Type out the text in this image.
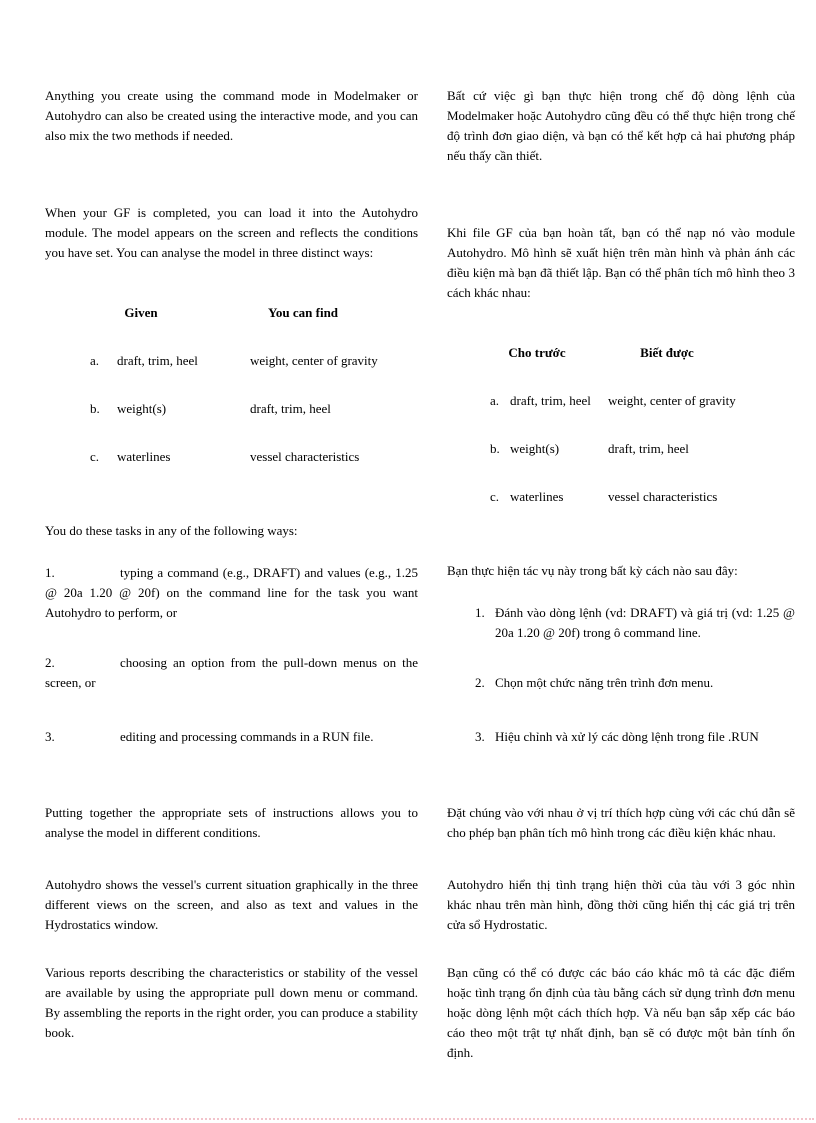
Anything you create using the command mode in Modelmaker or Autohydro can also be created using the interactive mode, and you can also mix the two methods if needed.

When your GF is completed, you can load it into the Autohydro module. The model appears on the screen and reflects the conditions you have set. You can analyse the model in three distinct ways:

Given	You can find
a.	draft, trim, heel	weight, center of gravity
b.	weight(s)	draft, trim, heel
c.	waterlines	vessel characteristics

You do these tasks in any of the following ways:

1.	typing a command (e.g., DRAFT) and values (e.g., 1.25 @ 20a 1.20 @ 20f) on the command line for the task you want Autohydro to perform, or
2.	choosing an option from the pull-down menus on the screen, or
3.	editing and processing commands in a RUN file.

Putting together the appropriate sets of instructions allows you to analyse the model in different conditions.

Autohydro shows the vessel's current situation graphically in the three different views on the screen, and also as text and values in the Hydrostatics window.

Various reports describing the characteristics or stability of the vessel are available by using the appropriate pull down menu or command. By assembling the reports in the right order, you can produce a stability book.

Bất cứ việc gì bạn thực hiện trong chế độ dòng lệnh của Modelmaker hoặc Autohydro cũng đều có thể thực hiện trong chế độ trình đơn giao diện, và bạn có thể kết hợp cả hai phương pháp nếu thấy cần thiết.

Khi file GF của bạn hoàn tất, bạn có thể nạp nó vào module Autohydro. Mô hình sẽ xuất hiện trên màn hình và phản ánh các điều kiện mà bạn đã thiết lập. Bạn có thể phân tích mô hình theo 3 cách khác nhau:

Cho trước	Biết được
a. draft, trim, heel	weight, center of gravity
b. weight(s)	draft, trim, heel
c. waterlines	vessel characteristics

Bạn thực hiện tác vụ này trong bất kỳ cách nào sau đây:

1. Đánh vào dòng lệnh (vd: DRAFT) và giá trị (vd: 1.25 @ 20a 1.20 @ 20f) trong ô command line.
2. Chọn một chức năng trên trình đơn menu.
3. Hiệu chỉnh và xử lý các dòng lệnh trong file .RUN

Đặt chúng vào với nhau ở vị trí thích hợp cùng với các chú dẫn sẽ cho phép bạn phân tích mô hình trong các điều kiện khác nhau.

Autohydro hiển thị tình trạng hiện thời của tàu với 3 góc nhìn khác nhau trên màn hình, đồng thời cũng hiển thị các giá trị trên cửa sổ Hydrostatic.

Bạn cũng có thể có được các báo cáo khác mô tả các đặc điểm hoặc tình trạng ổn định của tàu bằng cách sử dụng trình đơn menu hoặc dòng lệnh một cách thích hợp. Và nếu bạn sắp xếp các báo cáo theo một trật tự nhất định, bạn sẽ có được một bản tính ổn định.
